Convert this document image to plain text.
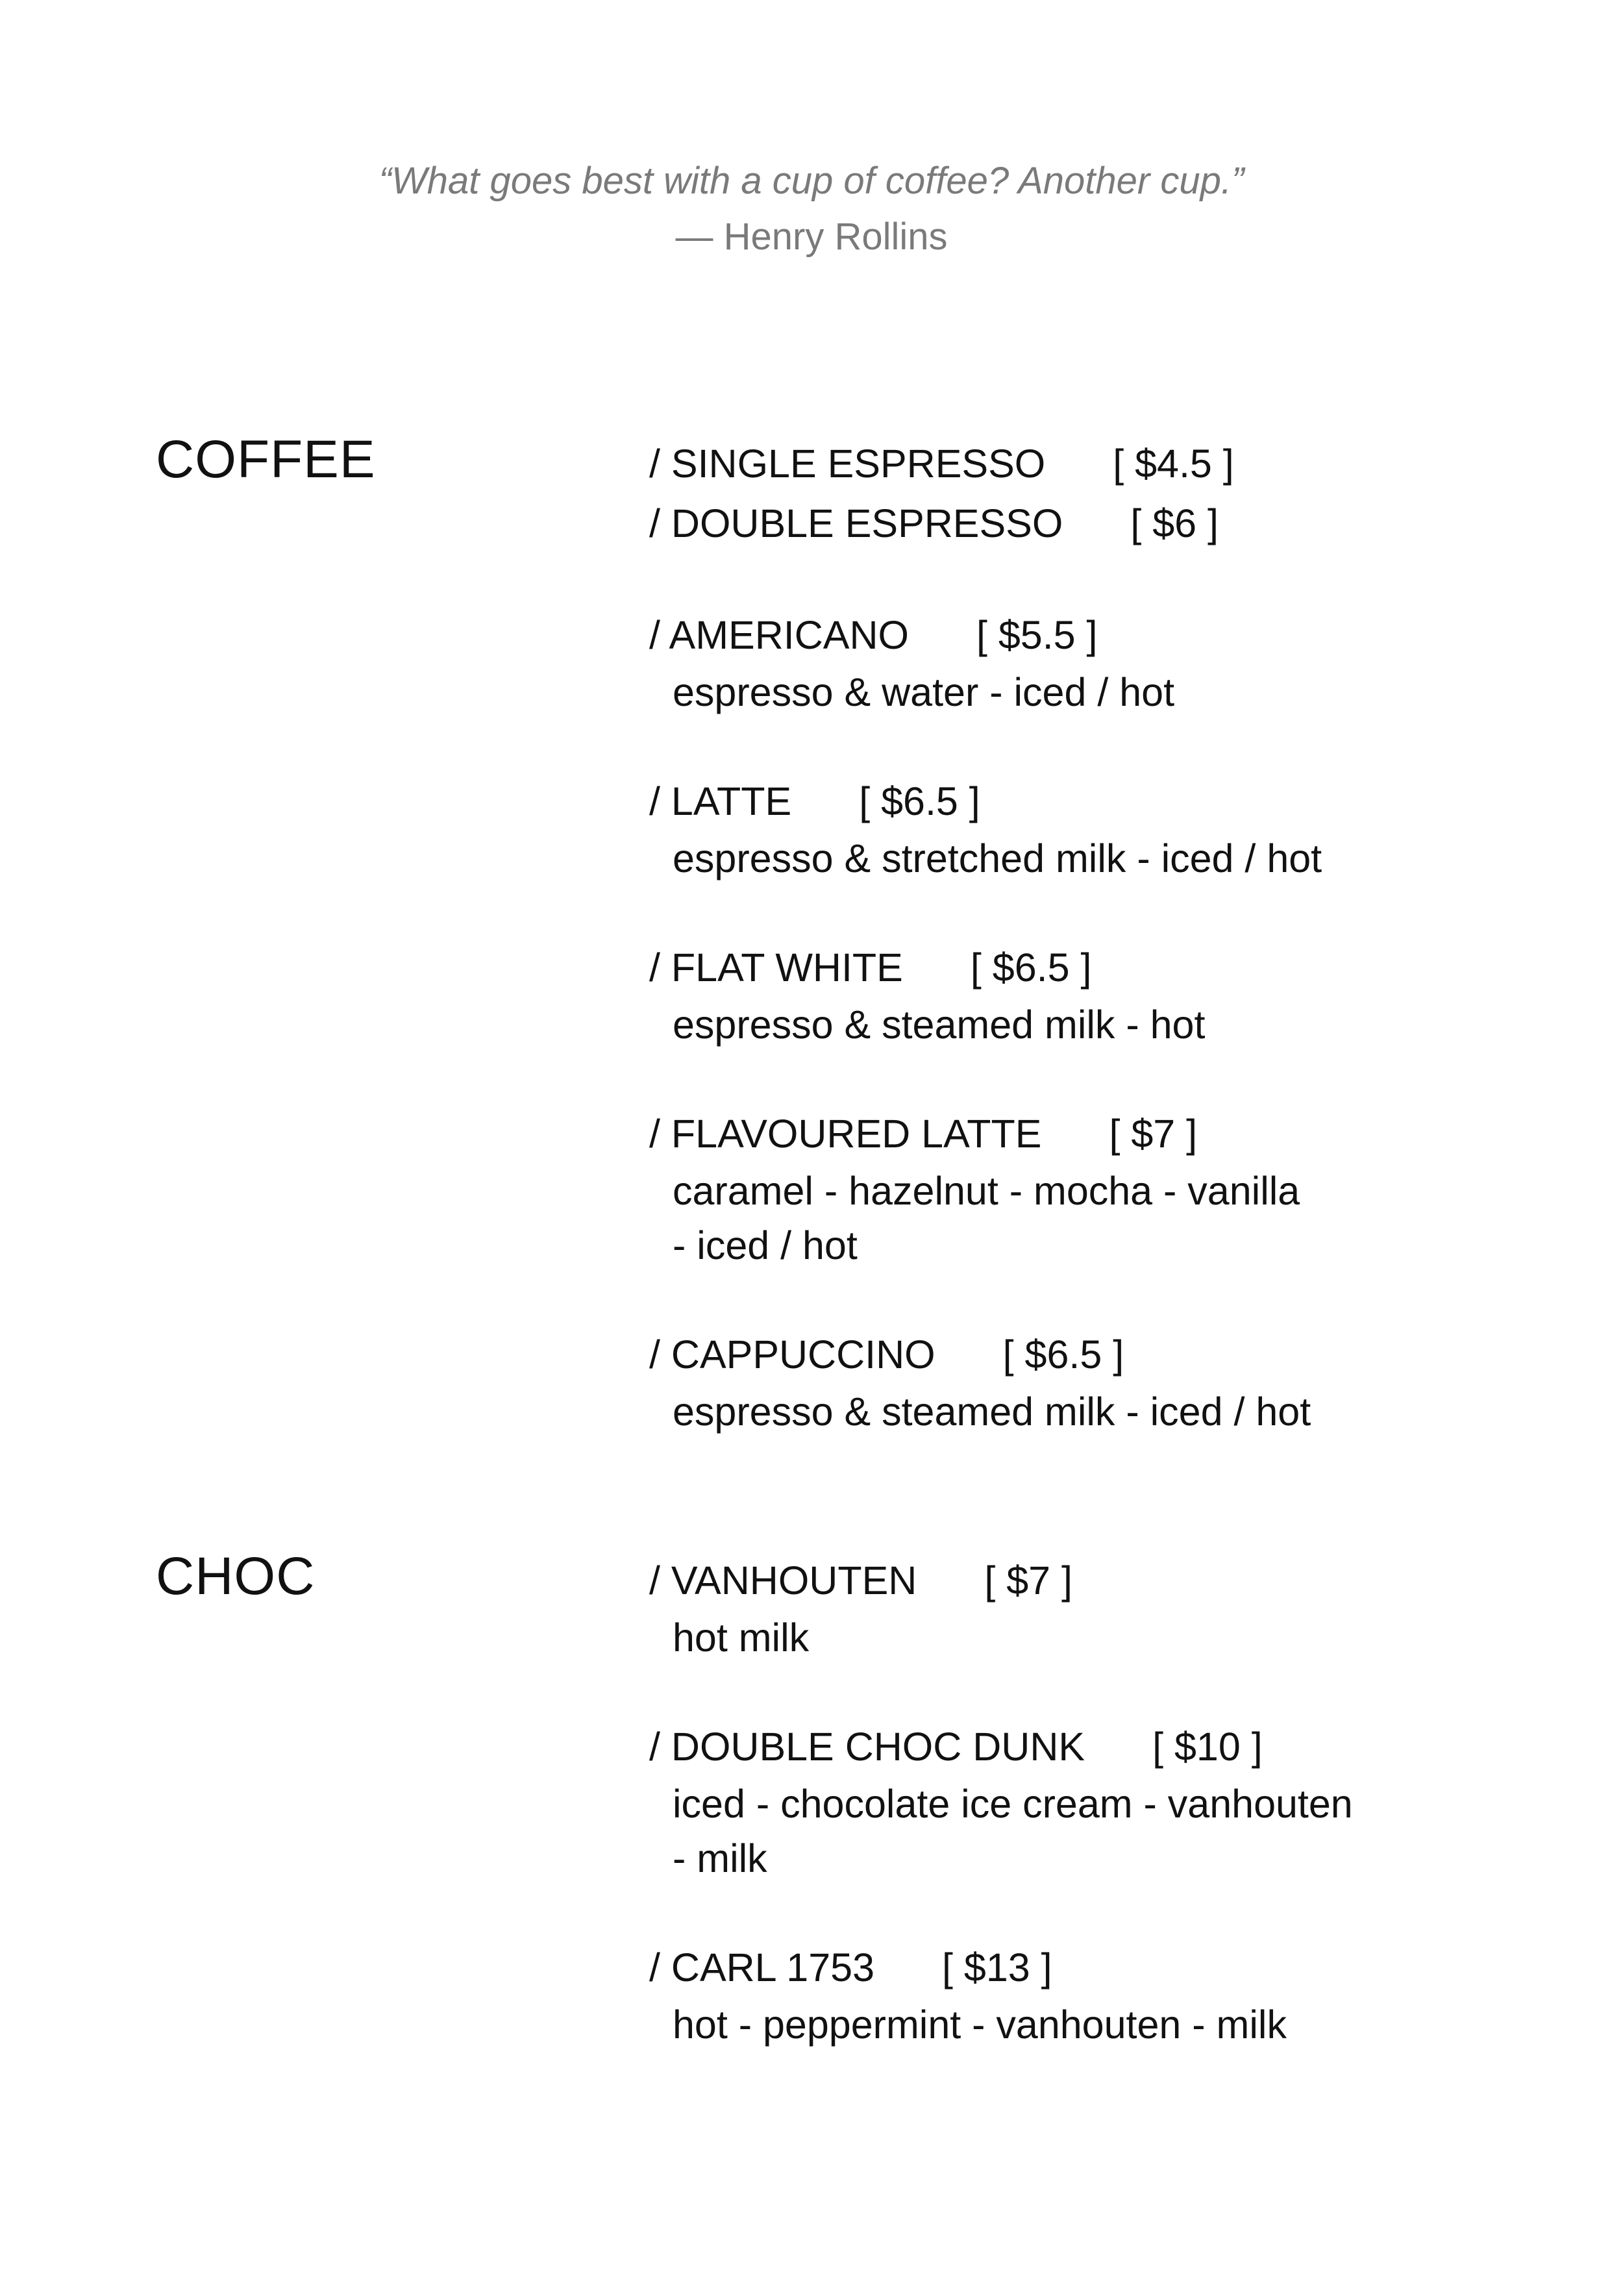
“What goes best with a cup of coffee? Another cup.”
— Henry Rollins
COFFEE	/ SINGLE ESPRESSO [ $4.5 ]
/ DOUBLE ESPRESSO [ $6 ]
/ AMERICANO [ $5.5 ]
espresso & water - iced / hot
/ LATTE [ $6.5 ]
espresso & stretched milk - iced / hot
/ FLAT WHITE [ $6.5 ]
espresso & steamed milk - hot
/ FLAVOURED LATTE [ $7 ]
caramel - hazelnut - mocha - vanilla
- iced / hot
/ CAPPUCCINO [ $6.5 ]
espresso & steamed milk - iced / hot
CHOC	/ VANHOUTEN [ $7 ]
hot milk
/ DOUBLE CHOC DUNK [ $10 ]
iced - chocolate ice cream - vanhouten
- milk
/ CARL 1753 [ $13 ]
hot - peppermint - vanhouten - milk
